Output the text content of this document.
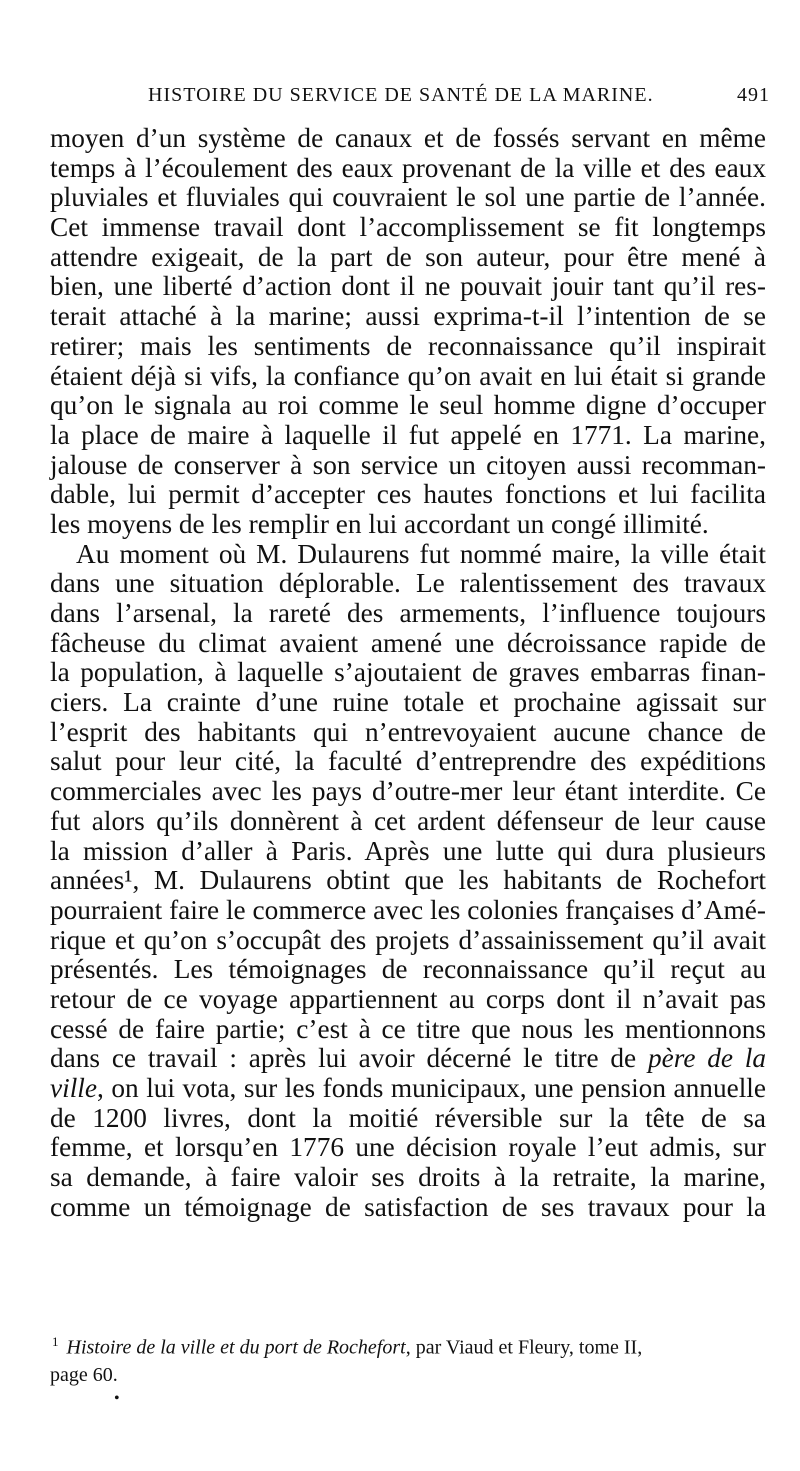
HISTOIRE DU SERVICE DE SANTÉ DE LA MARINE.	491
moyen d’un système de canaux et de fossés servant en même
temps à l’écoulement des eaux provenant de la ville et des eaux
pluviales et fluviales qui couvraient le sol une partie de l’année.
Cet immense travail dont l’accomplissement se fit longtemps
attendre exigeait, de la part de son auteur, pour être mené à
bien, une liberté d’action dont il ne pouvait jouir tant qu’il res-
terait attaché à la marine; aussi exprima-t-il l’intention de se
retirer; mais les sentiments de reconnaissance qu’il inspirait
étaient déjà si vifs, la confiance qu’on avait en lui était si grande
qu’on le signala au roi comme le seul homme digne d’occuper
la place de maire à laquelle il fut appelé en 1771. La marine,
jalouse de conserver à son service un citoyen aussi recomman-
dable, lui permit d’accepter ces hautes fonctions et lui facilita
les moyens de les remplir en lui accordant un congé illimité.
Au moment où M. Dulaurens fut nommé maire, la ville était
dans une situation déplorable. Le ralentissement des travaux
dans l’arsenal, la rareté des armements, l’influence toujours
fâcheuse du climat avaient amené une décroissance rapide de
la population, à laquelle s’ajoutaient de graves embarras finan-
ciers. La crainte d’une ruine totale et prochaine agissait sur
l’esprit des habitants qui n’entrevoyaient aucune chance de
salut pour leur cité, la faculté d’entreprendre des expéditions
commerciales avec les pays d’outre-mer leur étant interdite. Ce
fut alors qu’ils donnèrent à cet ardent défenseur de leur cause
la mission d’aller à Paris. Après une lutte qui dura plusieurs
années¹, M. Dulaurens obtint que les habitants de Rochefort
pourraient faire le commerce avec les colonies françaises d’Amé-
rique et qu’on s’occupât des projets d’assainissement qu’il avait
présentés. Les témoignages de reconnaissance qu’il reçut au
retour de ce voyage appartiennent au corps dont il n’avait pas
cessé de faire partie; c’est à ce titre que nous les mentionnons
dans ce travail : après lui avoir décerné le titre de père de la
ville, on lui vota, sur les fonds municipaux, une pension annuelle
de 1200 livres, dont la moitié réversible sur la tête de sa
femme, et lorsqu’en 1776 une décision royale l’eut admis, sur
sa demande, à faire valoir ses droits à la retraite, la marine,
comme un témoignage de satisfaction de ses travaux pour la
$^1$ Histoire de la ville et du port de Rochefort, par Viaud et Fleury, tome II,
page 60.
•
